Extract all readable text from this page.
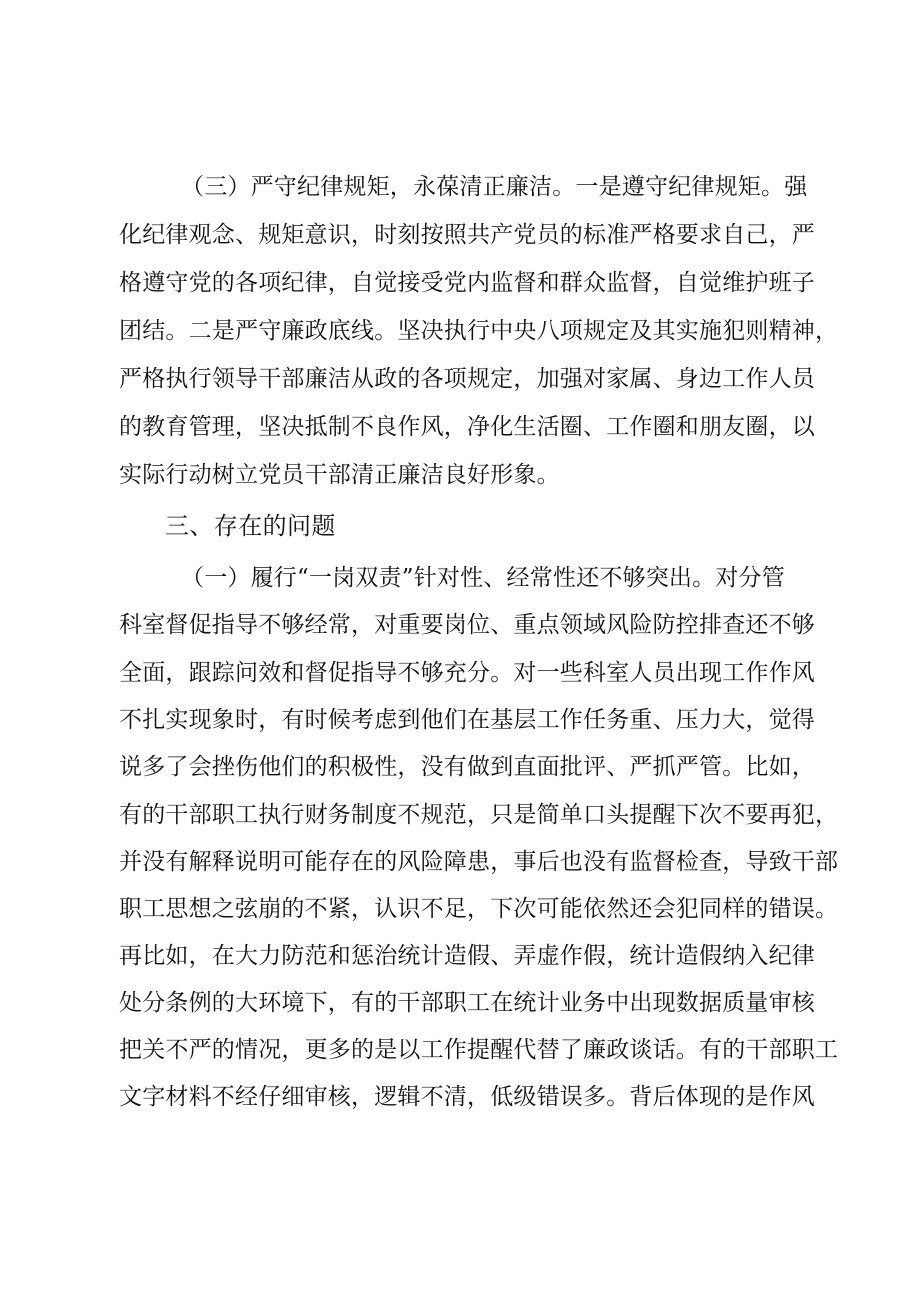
（三）严守纪律规矩，永葆清正廉洁。一是遵守纪律规矩。强
化纪律观念、规矩意识，时刻按照共产党员的标准严格要求自己，严
格遵守党的各项纪律，自觉接受党内监督和群众监督，自觉维护班子
团结。二是严守廉政底线。坚决执行中央八项规定及其实施犯则精神，
严格执行领导干部廉洁从政的各项规定，加强对家属、身边工作人员
的教育管理，坚决抵制不良作风，净化生活圈、工作圈和朋友圈，以
实际行动树立党员干部清正廉洁良好形象。
三、存在的问题
（一）履行“一岗双责”针对性、经常性还不够突出。对分管
科室督促指导不够经常，对重要岗位、重点领域风险防控排查还不够
全面，跟踪问效和督促指导不够充分。对一些科室人员出现工作作风
不扎实现象时，有时候考虑到他们在基层工作任务重、压力大，觉得
说多了会挫伤他们的积极性，没有做到直面批评、严抓严管。比如，
有的干部职工执行财务制度不规范，只是简单口头提醒下次不要再犯，
并没有解释说明可能存在的风险障患，事后也没有监督检查，导致干部
职工思想之弦崩的不紧，认识不足，下次可能依然还会犯同样的错误。
再比如，在大力防范和惩治统计造假、弄虚作假，统计造假纳入纪律
处分条例的大环境下，有的干部职工在统计业务中出现数据质量审核
把关不严的情况，更多的是以工作提醒代替了廉政谈话。有的干部职工
文字材料不经仔细审核，逻辑不清，低级错误多。背后体现的是作风
